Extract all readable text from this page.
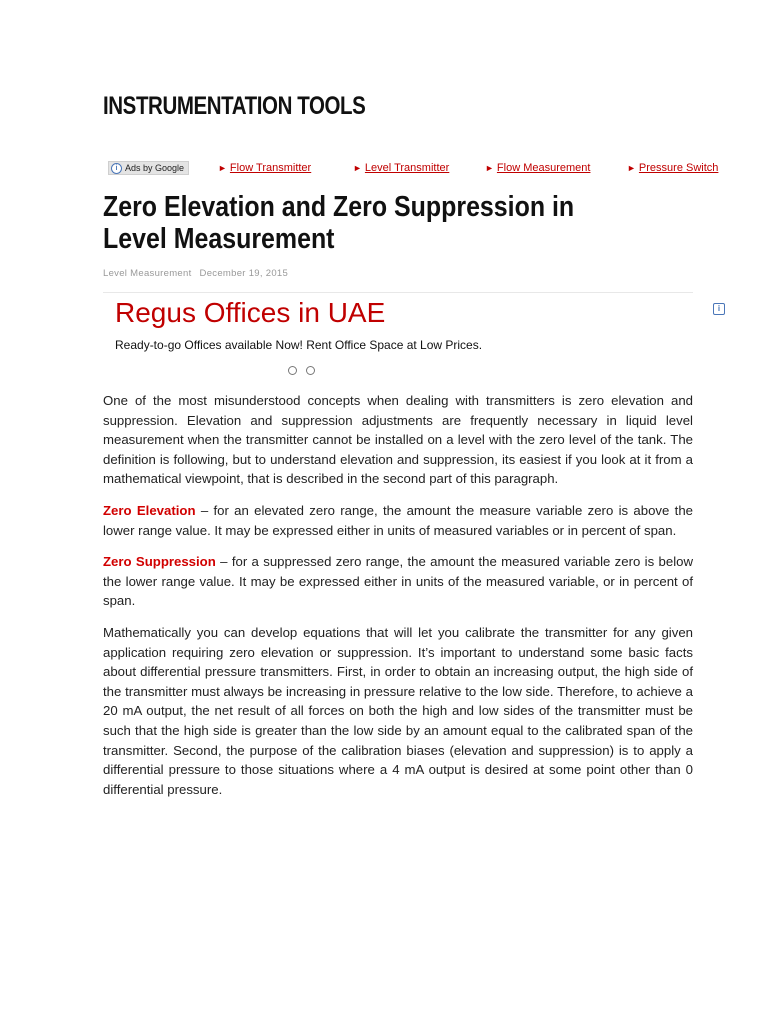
INSTRUMENTATION TOOLS
i Ads by Google	► Flow Transmitter	► Level Transmitter	► Flow Measurement	► Pressure Switch
Zero Elevation and Zero Suppression in Level Measurement
Level Measurement December 19, 2015
i
Regus Offices in UAE
Ready-to-go Offices available Now! Rent Office Space at Low Prices.

One of the most misunderstood concepts when dealing with transmitters is zero elevation and suppression. Elevation and suppression adjustments are frequently necessary in liquid level measurement when the transmitter cannot be installed on a level with the zero level of the tank. The definition is following, but to understand elevation and suppression, its easiest if you look at it from a mathematical viewpoint, that is described in the second part of this paragraph.

Zero Elevation – for an elevated zero range, the amount the measure variable zero is above the lower range value. It may be expressed either in units of measured variables or in percent of span.

Zero Suppression – for a suppressed zero range, the amount the measured variable zero is below the lower range value. It may be expressed either in units of the measured variable, or in percent of span.

Mathematically you can develop equations that will let you calibrate the transmitter for any given application requiring zero elevation or suppression. It’s important to understand some basic facts about differential pressure transmitters. First, in order to obtain an increasing output, the high side of the transmitter must always be increasing in pressure relative to the low side. Therefore, to achieve a 20 mA output, the net result of all forces on both the high and low sides of the transmitter must be such that the high side is greater than the low side by an amount equal to the calibrated span of the transmitter. Second, the purpose of the calibration biases (elevation and suppression) is to apply a differential pressure to those situations where a 4 mA output is desired at some point other than 0 differential pressure.
